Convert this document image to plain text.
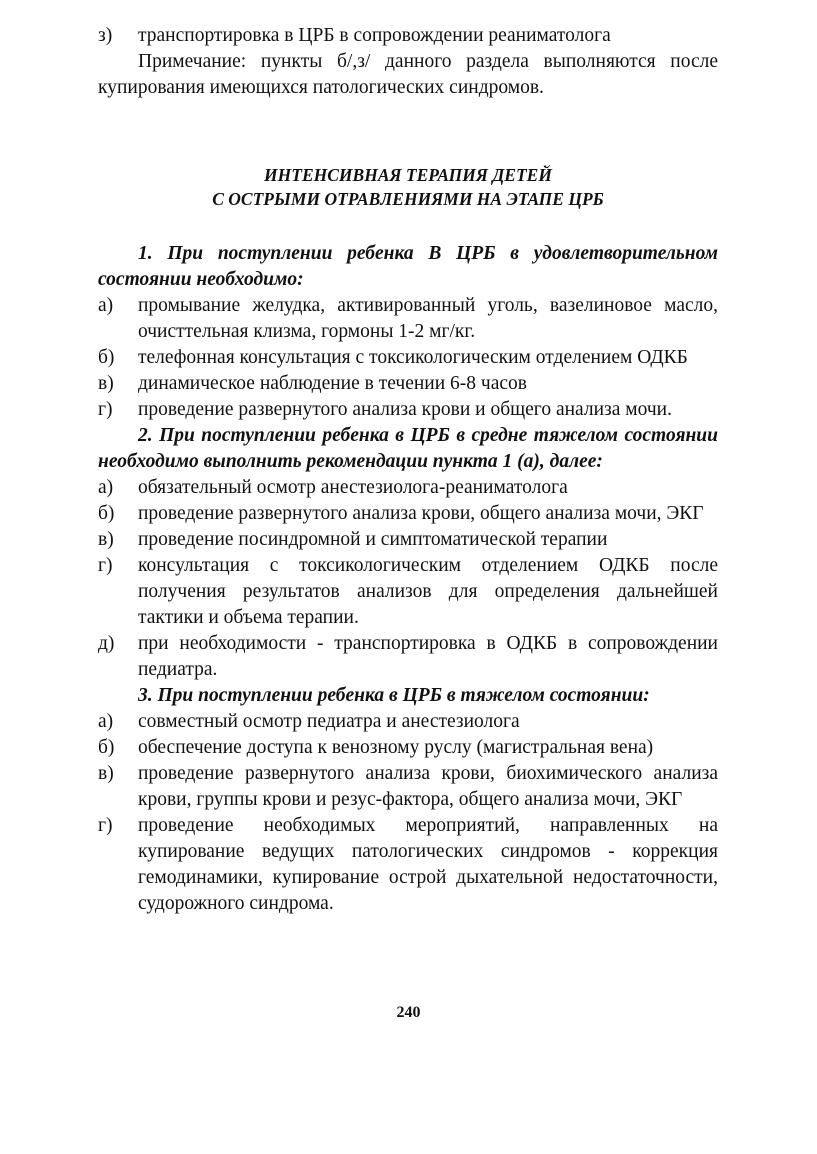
з)	транспортировка в ЦРБ в сопровождении реаниматолога
Примечание: пункты б/,з/ данного раздела выполняются после купирования имеющихся патологических синдромов.
ИНТЕНСИВНАЯ ТЕРАПИЯ ДЕТЕЙ
С ОСТРЫМИ ОТРАВЛЕНИЯМИ НА ЭТАПЕ ЦРБ
1. При поступлении ребенка В ЦРБ в удовлетворительном состоянии необходимо:
а)	промывание желудка, активированный уголь, вазелиновое масло, очисттельная клизма, гормоны 1-2 мг/кг.
б)	телефонная консультация с токсикологическим отделением ОДКБ
в)	динамическое наблюдение в течении 6-8 часов
г)	проведение развернутого анализа крови и общего анализа мочи.
2. При поступлении ребенка в ЦРБ в средне тяжелом состоянии необходимо выполнить рекомендации пункта 1 (а), далее:
а)	обязательный осмотр анестезиолога-реаниматолога
б)	проведение развернутого анализа крови, общего анализа мочи, ЭКГ
в)	проведение посиндромной и симптоматической терапии
г)	консультация с токсикологическим отделением ОДКБ после получения результатов анализов для определения дальнейшей тактики и объема терапии.
д)	при необходимости - транспортировка в ОДКБ в сопровождении педиатра.
3. При поступлении ребенка в ЦРБ в тяжелом состоянии:
а)	совместный осмотр педиатра и анестезиолога
б)	обеспечение доступа к венозному руслу (магистральная вена)
в)	проведение развернутого анализа крови, биохимического анализа крови, группы крови и резус-фактора, общего анализа мочи, ЭКГ
г)	проведение необходимых мероприятий, направленных на купирование ведущих патологических синдромов - коррекция гемодинамики, купирование острой дыхательной недостаточности, судорожного синдрома.
240
